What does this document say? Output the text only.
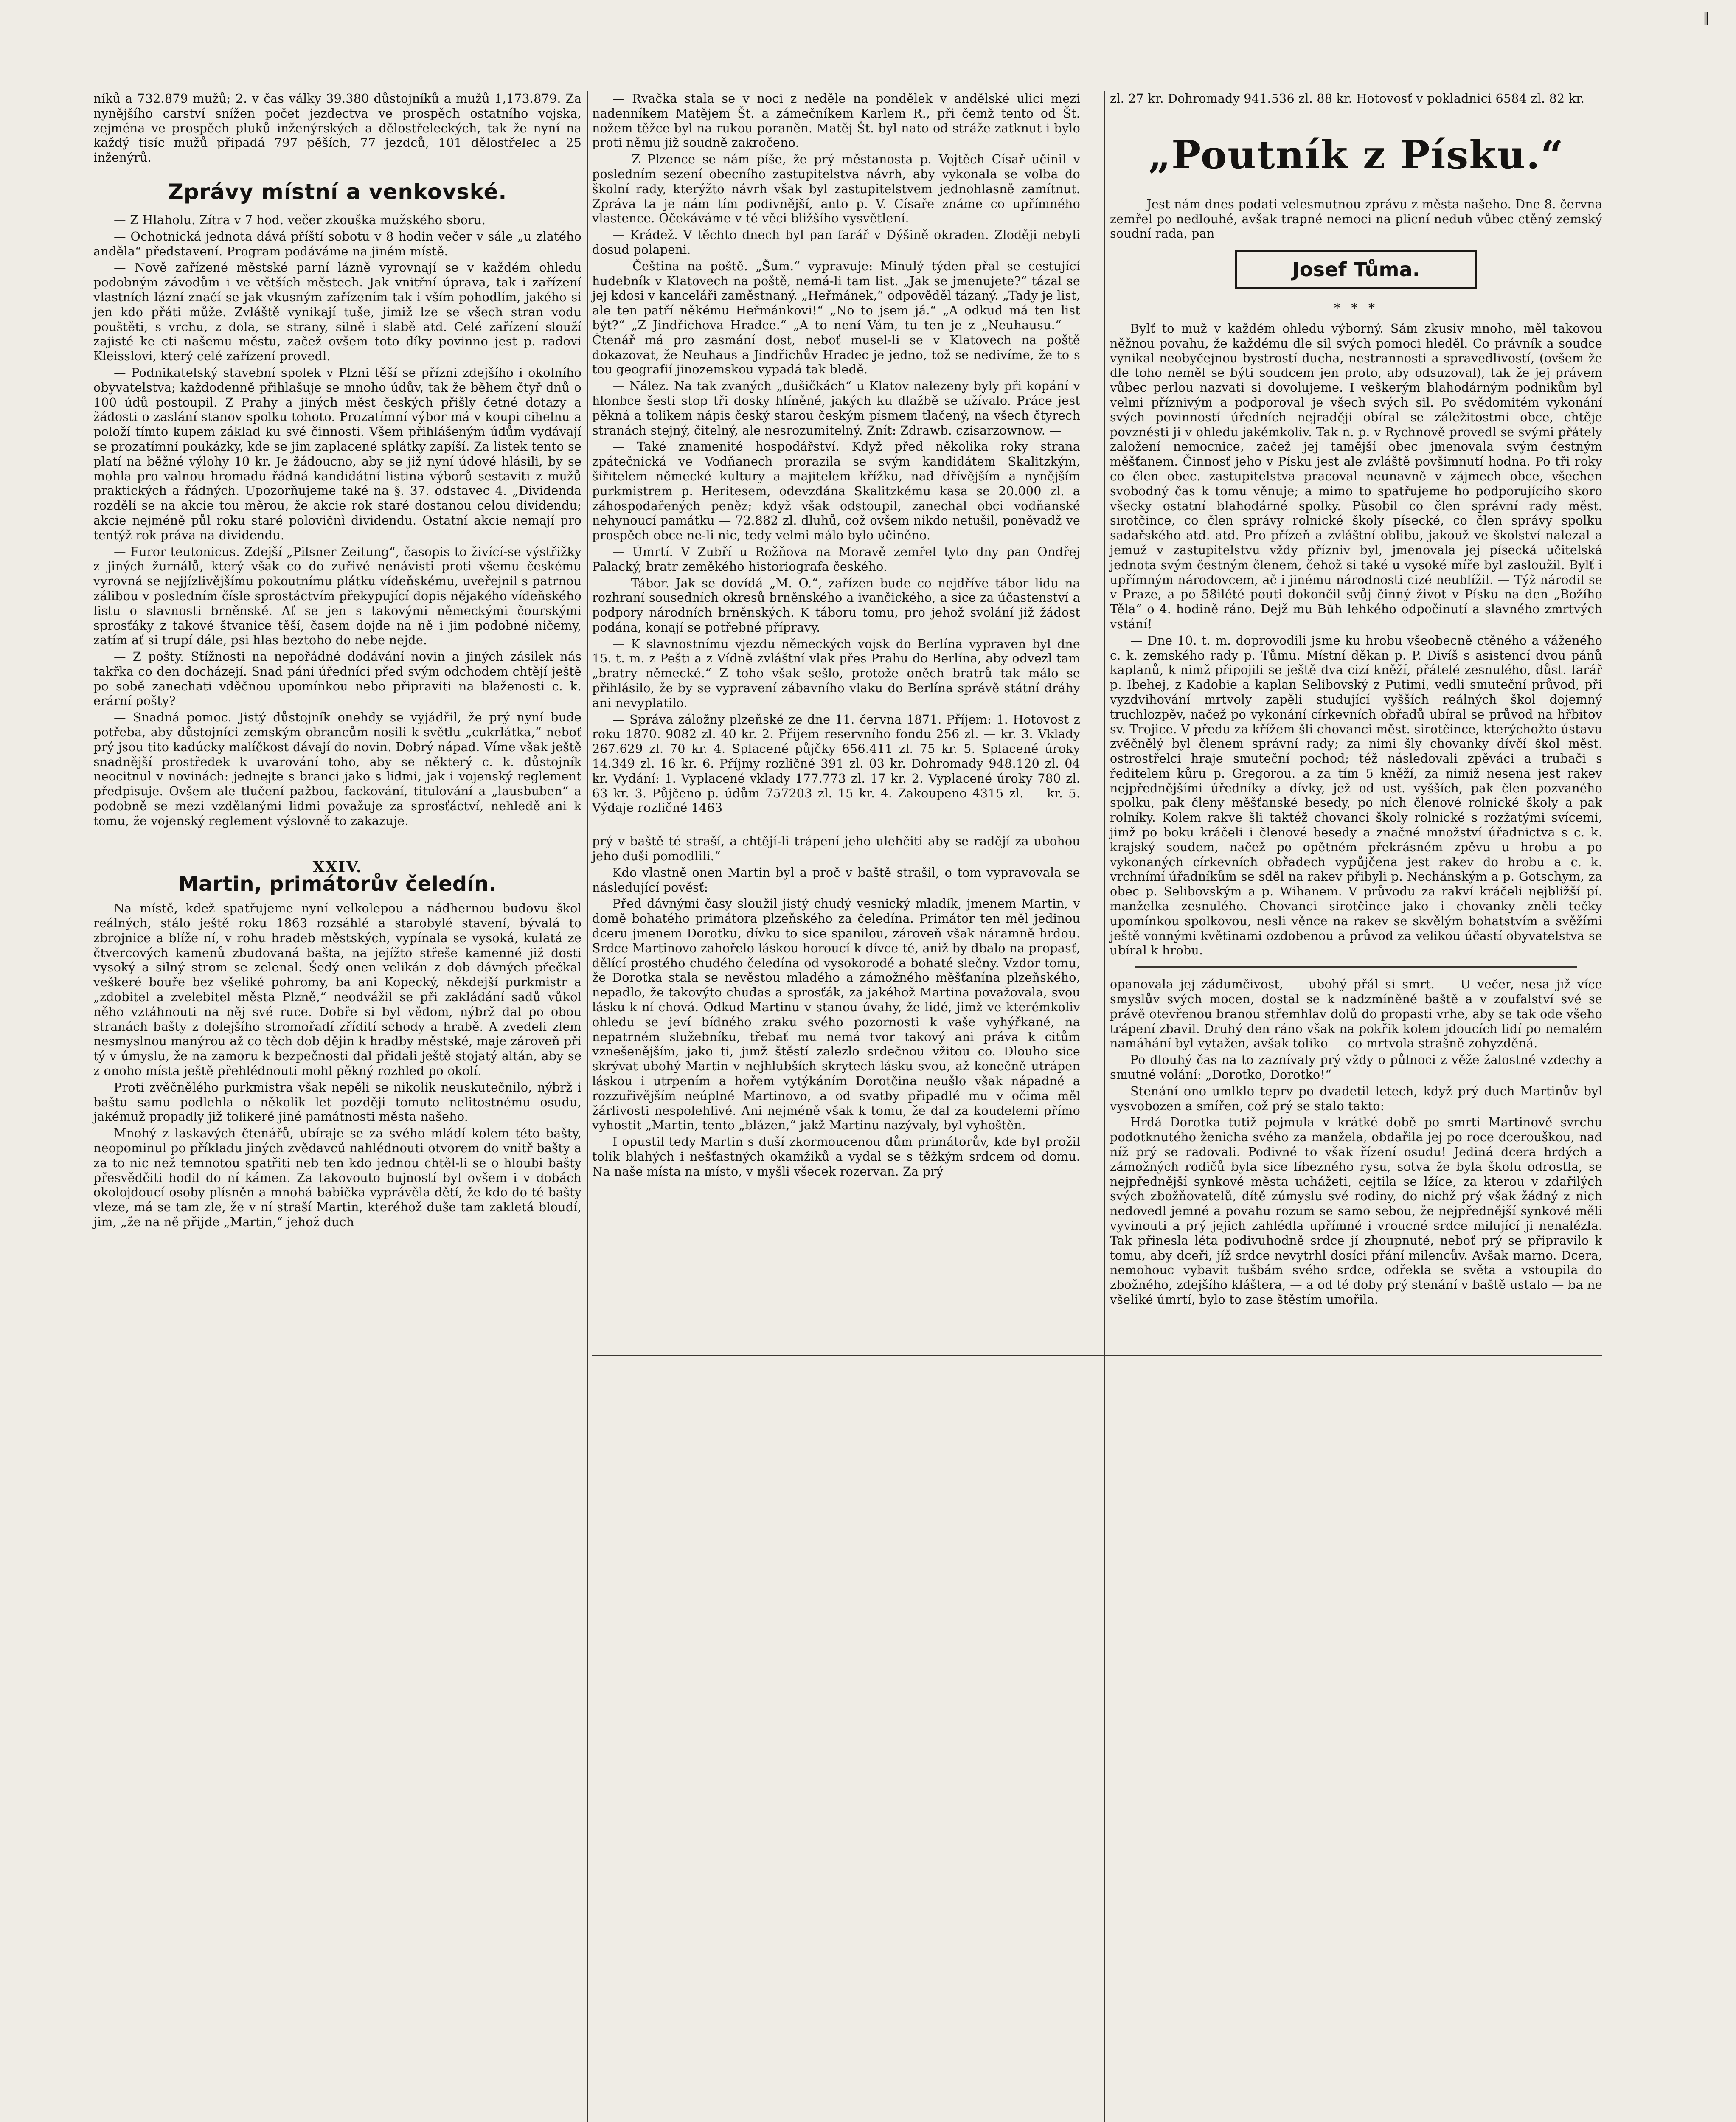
‖

níků a 732.879 mužů; 2. v čas války 39.380 důstojníků a mužů 1,173.879. Za nynějšího carství snížen počet jezdectva ve prospěch ostatního vojska, zejména ve prospěch pluků inženýrských a dělostřeleckých, tak že nyní na každý tisíc mužů připadá 797 pěších, 77 jezdců, 101 dělostřelec a 25 inženýrů.

Zprávy místní a venkovské.

— Z Hlaholu. Zítra v 7 hod. večer zkouška mužského sboru.

— Ochotnická jednota dává příští sobotu v 8 hodin večer v sále „u zlatého anděla“ představení. Program podáváme na jiném místě.

— Nově zařízené městské parní lázně vyrovnají se v každém ohledu podobným závodům i ve větších městech. Jak vnitřní úprava, tak i zařízení vlastních lázní značí se jak vkusným zařízením tak i vším pohodlím, jakého si jen kdo přáti může. Zvláště vynikají tuše, jimiž lze se všech stran vodu pouštěti, s vrchu, z dola, se strany, silně i slabě atd. Celé zařízení slouží zajisté ke cti našemu městu, začež ovšem toto díky povinno jest p. radovi Kleisslovi, který celé zařízení provedl.

— Podnikatelský stavební spolek v Plzni těší se přízni zdejšího i okolního obyvatelstva; každodenně přihlašuje se mnoho údův, tak že během čtyř dnů o 100 údů postoupil. Z Prahy a jiných měst českých přišly četné dotazy a žádosti o zaslání stanov spolku tohoto. Prozatímní výbor má v koupi cihelnu a položí tímto kupem základ ku své činnosti. Všem přihlášeným údům vydávají se prozatímní poukázky, kde se jim zaplacené splátky zapíší. Za listek tento se platí na běžné výlohy 10 kr. Je žádoucno, aby se již nyní údové hlásili, by se mohla pro valnou hromadu řádná kandidátní listina výborů sestaviti z mužů praktických a řádných. Upozorňujeme také na §. 37. odstavec 4. „Dividenda rozdělí se na akcie tou měrou, že akcie rok staré dostanou celou dividendu; akcie nejméně půl roku staré polovičnì dividendu. Ostatní akcie nemají pro tentýž rok práva na dividendu.

— Furor teutonicus. Zdejší „Pilsner Zeitung“, časopis to živící-se výstřižky z jiných žurnálů, který však co do zuřivé nenávisti proti všemu českému vyrovná se nejjízlivějšímu pokoutnímu plátku vídeňskému, uveřejnil s patrnou zálibou v posledním čísle sprostáctvím překypující dopis nějakého vídeňského listu o slavnosti brněnské. Ať se jen s takovými německými čourskými sprosťáky z takové štvanice těší, časem dojde na ně i jim podobné ničemy, zatím ať si trupí dále, psi hlas beztoho do nebe nejde.

— Z pošty. Stížnosti na nepořádné dodávání novin a jiných zásilek nás takřka co den docházejí. Snad páni úředníci před svým odchodem chtějí ještě po sobě zanechati vděčnou upomínkou nebo připraviti na blaženosti c. k. erární pošty?

— Snadná pomoc. Jistý důstojník onehdy se vyjádřil, že prý nyní bude potřeba, aby důstojníci zemským obrancům nosili k světlu „cukrlátka,“ neboť prý jsou tito kadúcky malíčkost dávají do novin. Dobrý nápad. Víme však ještě snadnější prostředek k uvarování toho, aby se některý c. k. důstojník neocitnul v novinách: jednejte s branci jako s lidmi, jak i vojenský reglement předpisuje. Ovšem ale tlučení pažbou, fackování, titulování a „lausbuben“ a podobně se mezi vzdělanými lidmi považuje za sprosťáctví, nehledě ani k tomu, že vojenský reglement výslovně to zakazuje.

XXIV.
Martin, primátorův čeledín.

Na místě, kdež spatřujeme nyní velkolepou a nádhernou budovu škol reálných, stálo ještě roku 1863 rozsáhlé a starobylé stavení, bývalá to zbrojnice a blíže ní, v rohu hradeb městských, vypínala se vysoká, kulatá ze čtvercových kamenů zbudovaná bašta, na jejížto střeše kamenné již dosti vysoký a silný strom se zelenal. Šedý onen velikán z dob dávných přečkal veškeré bouře bez všeliké pohromy, ba ani Kopecký, někdejší purkmistr a „zdobitel a zvelebitel města Plzně,“ neodvážil se při zakládání sadů vůkol něho vztáhnouti na něj své ruce. Dobře si byl vědom, nýbrž dal po obou stranách bašty z dolejšího stromořadí zřídití schody a hrabě. A zvedeli zlem nesmyslnou manýrou až co těch dob dějin k hradby městské, maje zároveň při tý v úmyslu, že na zamoru k bezpečnosti dal přidali ještě stojatý altán, aby se z onoho místa ještě přehlédnouti mohl pěkný rozhled po okolí.

Proti zvěčnělého purkmistra však nepěli se nikolik neuskutečnilo, nýbrž i baštu samu podlehla o několik let později tomuto nelitostnému osudu, jakémuž propadly již tolikeré jiné památnosti města našeho.

Mnohý z laskavých čtenářů, ubíraje se za svého mládí kolem této bašty, neopominul po příkladu jiných zvědavců nahlédnouti otvorem do vnitř bašty a za to nic než temnotou spatřiti neb ten kdo jednou chtěl-li se o hloubi bašty přesvědčiti hodil do ní kámen. Za takovouto bujností byl ovšem i v dobách okolojdoucí osoby plísněn a mnohá babička vyprávěla dětí, že kdo do té bašty vleze, má se tam zle, že v ní straší Martin, kteréhož duše tam zakletá bloudí, jim, „že na ně přijde „Martin,“ jehož duch

— Rvačka stala se v noci z neděle na pondělek v andělské ulici mezi nadenníkem Matějem Št. a zámečníkem Karlem R., při čemž tento od Št. nožem těžce byl na rukou poraněn. Matěj Št. byl nato od stráže zatknut i bylo proti němu již soudně zakročeno.

— Z Plzence se nám píše, že prý městanosta p. Vojtěch Císař učinil v posledním sezení obecního zastupitelstva návrh, aby vykonala se volba do školní rady, kterýžto návrh však byl zastupitelstvem jednohlasně zamítnut. Zpráva ta je nám tím podivnější, anto p. V. Císaře známe co upřímného vlastence. Očekáváme v té věci bližšího vysvětlení.

— Krádež. V těchto dnech byl pan farář v Dýšině okraden. Zloději nebyli dosud polapeni.

— Čeština na poště. „Šum.“ vypravuje: Minulý týden přal se cestující hudebník v Klatovech na poště, nemá-li tam list. „Jak se jmenujete?“ tázal se jej kdosi v kanceláři zaměstnaný. „Heřmánek,“ odpověděl tázaný. „Tady je list, ale ten patří někému Heřmánkovi!“ „No to jsem já.“ „A odkud má ten list být?“ „Z Jindřichova Hradce.“ „A to není Vám, tu ten je z „Neuhausu.“ — Čtenář má pro zasmání dost, neboť musel-li se v Klatovech na poště dokazovat, že Neuhaus a Jindřichův Hradec je jedno, tož se nedivíme, že to s tou geografií jinozemskou vypadá tak bledě.

— Nález. Na tak zvaných „dušičkách“ u Klatov nalezeny byly při kopání v hlonbce šesti stop tři dosky hlíněné, jakých ku dlažbě se užívalo. Práce jest pěkná a tolikem nápis český starou českým písmem tlačený, na všech čtyrech stranách stejný, čitelný, ale nesrozumitelný. Znít: Zdrawb. czisarzownow. —

— Také znamenité hospodářství. Když před několika roky strana zpátečnická ve Vodňanech prorazila se svým kandidátem Skalitzkým, šiřitelem německé kultury a majitelem křížku, nad dřívějším a nynějším purkmistrem p. Heritesem, odevzdána Skalitzkému kasa se 20.000 zl. a záhospodařených peněz; když však odstoupil, zanechal obci vodňanské nehynoucí památku — 72.882 zl. dluhů, což ovšem nikdo netušil, poněvadž ve prospěch obce ne-li nic, tedy velmi málo bylo učiněno.

— Úmrtí. V Zubří u Rožňova na Moravě zemřel tyto dny pan Ondřej Palacký, bratr zeměkého historiografa českého.

— Tábor. Jak se dovídá „M. O.“, zařízen bude co nejdříve tábor lidu na rozhraní sousedních okresů brněnského a ivančického, a sice za účastenství a podpory národních brněnských. K táboru tomu, pro jehož svolání již žádost podána, konají se potřebné přípravy.

— K slavnostnímu vjezdu německých vojsk do Berlína vypraven byl dne 15. t. m. z Pešti a z Vídně zvláštní vlak přes Prahu do Berlína, aby odvezl tam „bratry německé.“ Z toho však sešlo, protože oněch bratrů tak málo se přihlásilo, že by se vypravení zábavního vlaku do Berlína správě státní dráhy ani nevyplatilo.

— Správa záložny plzeňské ze dne 11. června 1871. Příjem: 1. Hotovost z roku 1870. 9082 zl. 40 kr. 2. Přijem reservního fondu 256 zl. — kr. 3. Vklady 267.629 zl. 70 kr. 4. Splacené půjčky 656.411 zl. 75 kr. 5. Splacené úroky 14.349 zl. 16 kr. 6. Příjmy rozličné 391 zl. 03 kr. Dohromady 948.120 zl. 04 kr. Vydání: 1. Vyplacené vklady 177.773 zl. 17 kr. 2. Vyplacené úroky 780 zl. 63 kr. 3. Půjčeno p. údům 757203 zl. 15 kr. 4. Zakoupeno 4315 zl. — kr. 5. Výdaje rozličné 1463

prý v baště té straší, a chtějí-li trápení jeho ulehčiti aby se radějí za ubohou jeho duši pomodlili.“

Kdo vlastně onen Martin byl a proč v baště strašil, o tom vypravovala se následující pověsť:

Před dávnými časy sloužil jistý chudý vesnický mladík, jmenem Martin, v domě bohatého primátora plzeňského za čeledína. Primátor ten měl jedinou dceru jmenem Dorotku, dívku to sice spanilou, zároveň však náramně hrdou. Srdce Martinovo zahořelo láskou horoucí k dívce té, aniž by dbalo na propasť, dělící prostého chudého čeledína od vysokorodé a bohaté slečny. Vzdor tomu, že Dorotka stala se nevěstou mladého a zámožného měšťanína plzeňského, nepadlo, že takovýto chudas a sprosťák, za jakéhož Martina považovala, svou lásku k ní chová. Odkud Martinu v stanou úvahy, že lidé, jimž ve kterémkoliv ohledu se jeví bídného zraku svého pozornosti k vaše vyhýřkané, na nepatrném služebníku, třebať mu nemá tvor takový ani práva k citům vznešenějším, jako ti, jimž štěstí zalezlo srdečnou vžitou co. Dlouho sice skrývat ubohý Martin v nejhlubších skrytech lásku svou, až konečně utrápen láskou i utrpením a hořem vytýkáním Dorotčina neušlo však nápadné a rozzuřivějším neúplné Martinovo, a od svatby připadlé mu v očima měl žárlivosti nespolehlivé. Ani nejméně však k tomu, že dal za koudelemi přímo vyhostit „Martin, tento „blázen,“ jakž Martinu nazývaly, byl vyhoštěn.

I opustil tedy Martin s duší zkormoucenou dům primátorův, kde byl prožil tolik blahých i nešťastných okamžiků a vydal se s těžkým srdcem od domu. Na naše místa na místo, v myšli všecek rozervan. Za prý

zl. 27 kr. Dohromady 941.536 zl. 88 kr. Hotovosť v pokladnici 6584 zl. 82 kr.

„Poutník z Písku.“

— Jest nám dnes podati velesmutnou zprávu z města našeho. Dne 8. června zemřel po nedlouhé, avšak trapné nemoci na plicní neduh vůbec ctěný zemský soudní rada, pan

Josef Tůma.
* * *

Bylť to muž v každém ohledu výborný. Sám zkusiv mnoho, měl takovou něžnou povahu, že každému dle sil svých pomoci hleděl. Co právník a soudce vynikal neobyčejnou bystrostí ducha, nestrannosti a spravedlivostí, (ovšem že dle toho neměl se býti soudcem jen proto, aby odsuzoval), tak že jej právem vůbec perlou nazvati si dovolujeme. I veškerým blahodárným podnikům byl velmi příznivým a podporoval je všech svých sil. Po svědomitém vykonání svých povinností úředních nejraději obíral se záležitostmi obce, chtěje povznésti ji v ohledu jakémkoliv. Tak n. p. v Rychnově provedl se svými přátely založení nemocnice, začež jej tamější obec jmenovala svým čestným měšťanem. Činnosť jeho v Písku jest ale zvláště povšimnutí hodna. Po tři roky co člen obec. zastupitelstva pracoval neunavně v zájmech obce, všechen svobodný čas k tomu věnuje; a mimo to spatřujeme ho podporujícího skoro všecky ostatní blahodárné spolky. Působil co člen správní rady měst. sirotčince, co člen správy rolnické školy písecké, co člen správy spolku sadařského atd. atd. Pro přízeň a zvláštní oblibu, jakouž ve školství nalezal a jemuž v zastupitelstvu vždy přízniv byl, jmenovala jej písecká učitelská jednota svým čestným členem, čehož si také u vysoké míře byl zasloužil. Bylť i upřímným národovcem, ač i jinému národnosti cizé neublížil. — Týž národil se v Praze, a po 58ilété pouti dokončil svůj činný život v Písku na den „Božího Těla“ o 4. hodině ráno. Dejž mu Bůh lehkého odpočinutí a slavného zmrtvých vstání!

— Dne 10. t. m. doprovodili jsme ku hrobu všeobecně ctěného a váženého c. k. zemského rady p. Tůmu. Místní děkan p. P. Divíš s asistencí dvou pánů kaplanů, k nimž připojili se ještě dva cizí kněží, přátelé zesnulého, důst. farář p. Ibehej, z Kadobie a kaplan Selibovský z Putimi, vedli smuteční průvod, při vyzdvihování mrtvoly zapěli studující vyšších reálných škol dojemný truchlozpěv, načež po vykonání církevních obřadů ubíral se průvod na hřbitov sv. Trojice. V předu za křížem šli chovanci měst. sirotčince, kterýchožto ústavu zvěčnělý byl členem správní rady; za nimi šly chovanky dívčí škol měst. ostrostřelci hraje smuteční pochod; též následovali zpěváci a trubači s ředitelem kůru p. Gregorou. a za tím 5 kněží, za nimiž nesena jest rakev nejpřednějšími úředníky a dívky, jež od ust. vyšších, pak člen pozvaného spolku, pak členy měšťanské besedy, po ních členové rolnické školy a pak rolníky. Kolem rakve šli taktéž chovanci školy rolnické s rozžatými svícemi, jimž po boku kráčeli i členové besedy a značné množství úřadnictva s c. k. krajský soudem, načež po opětném překrásném zpěvu u hrobu a po vykonaných církevních obřadech vypůjčena jest rakev do hrobu a c. k. vrchnímí úřadníkům se sděl na rakev přibyli p. Nechánským a p. Gotschym, za obec p. Selibovským a p. Wihanem. V průvodu za rakví kráčeli nejbližší pí. manželka zesnulého. Chovanci sirotčince jako i chovanky zněli tečky upomínkou spolkovou, nesli věnce na rakev se skvělým bohatstvím a svěžími ještě vonnými květinami ozdobenou a průvod za velikou účastí obyvatelstva se ubíral k hrobu.

opanovala jej zádumčivost, — ubohý přál si smrt. — U večer, nesa již více smyslův svých mocen, dostal se k nadzmíněné baště a v zoufalství své se právě otevřenou branou střemhlav dolů do propasti vrhe, aby se tak ode všeho trápení zbavil. Druhý den ráno však na pokřik kolem jdoucích lidí po nemalém namáhání byl vytažen, avšak toliko — co mrtvola strašně zohyzděná.

Po dlouhý čas na to zaznívaly prý vždy o půlnoci z věže žalostné vzdechy a smutné volání: „Dorotko, Dorotko!“

Stenání ono umlklo teprv po dvadetil letech, když prý duch Martinův byl vysvobozen a smířen, což prý se stalo takto:

Hrdá Dorotka tutiž pojmula v krátké době po smrti Martinově svrchu podotknutého ženicha svého za manžela, obdařila jej po roce dcerouškou, nad níž prý se radovali. Podivné to však řízení osudu! Jediná dcera hrdých a zámožných rodičů byla sice líbezného rysu, sotva že byla školu odrostla, se nejpřednější synkové města uchážeti, cejtila se lžíce, za kterou v zdařilých svých zbožňovatelů, dítě zúmyslu své rodiny, do nichž prý však žádný z nich nedovedl jemné a povahu rozum se samo sebou, že nejpřednější synkové měli vyvinouti a prý jejich zahlédla upřímné i vroucné srdce milující ji nenalézla. Tak přinesla léta podivuhodně srdce jí zhoupnuté, neboť prý se připravilo k tomu, aby dceři, jíž srdce nevytrhl dosíci přání milencův. Avšak marno. Dcera, nemohouc vybavit tušbám svého srdce, odřekla se světa a vstoupila do zbožného, zdejšího kláštera, — a od té doby prý stenání v baště ustalo — ba ne všeliké úmrtí, bylo to zase štěstím umořila.
